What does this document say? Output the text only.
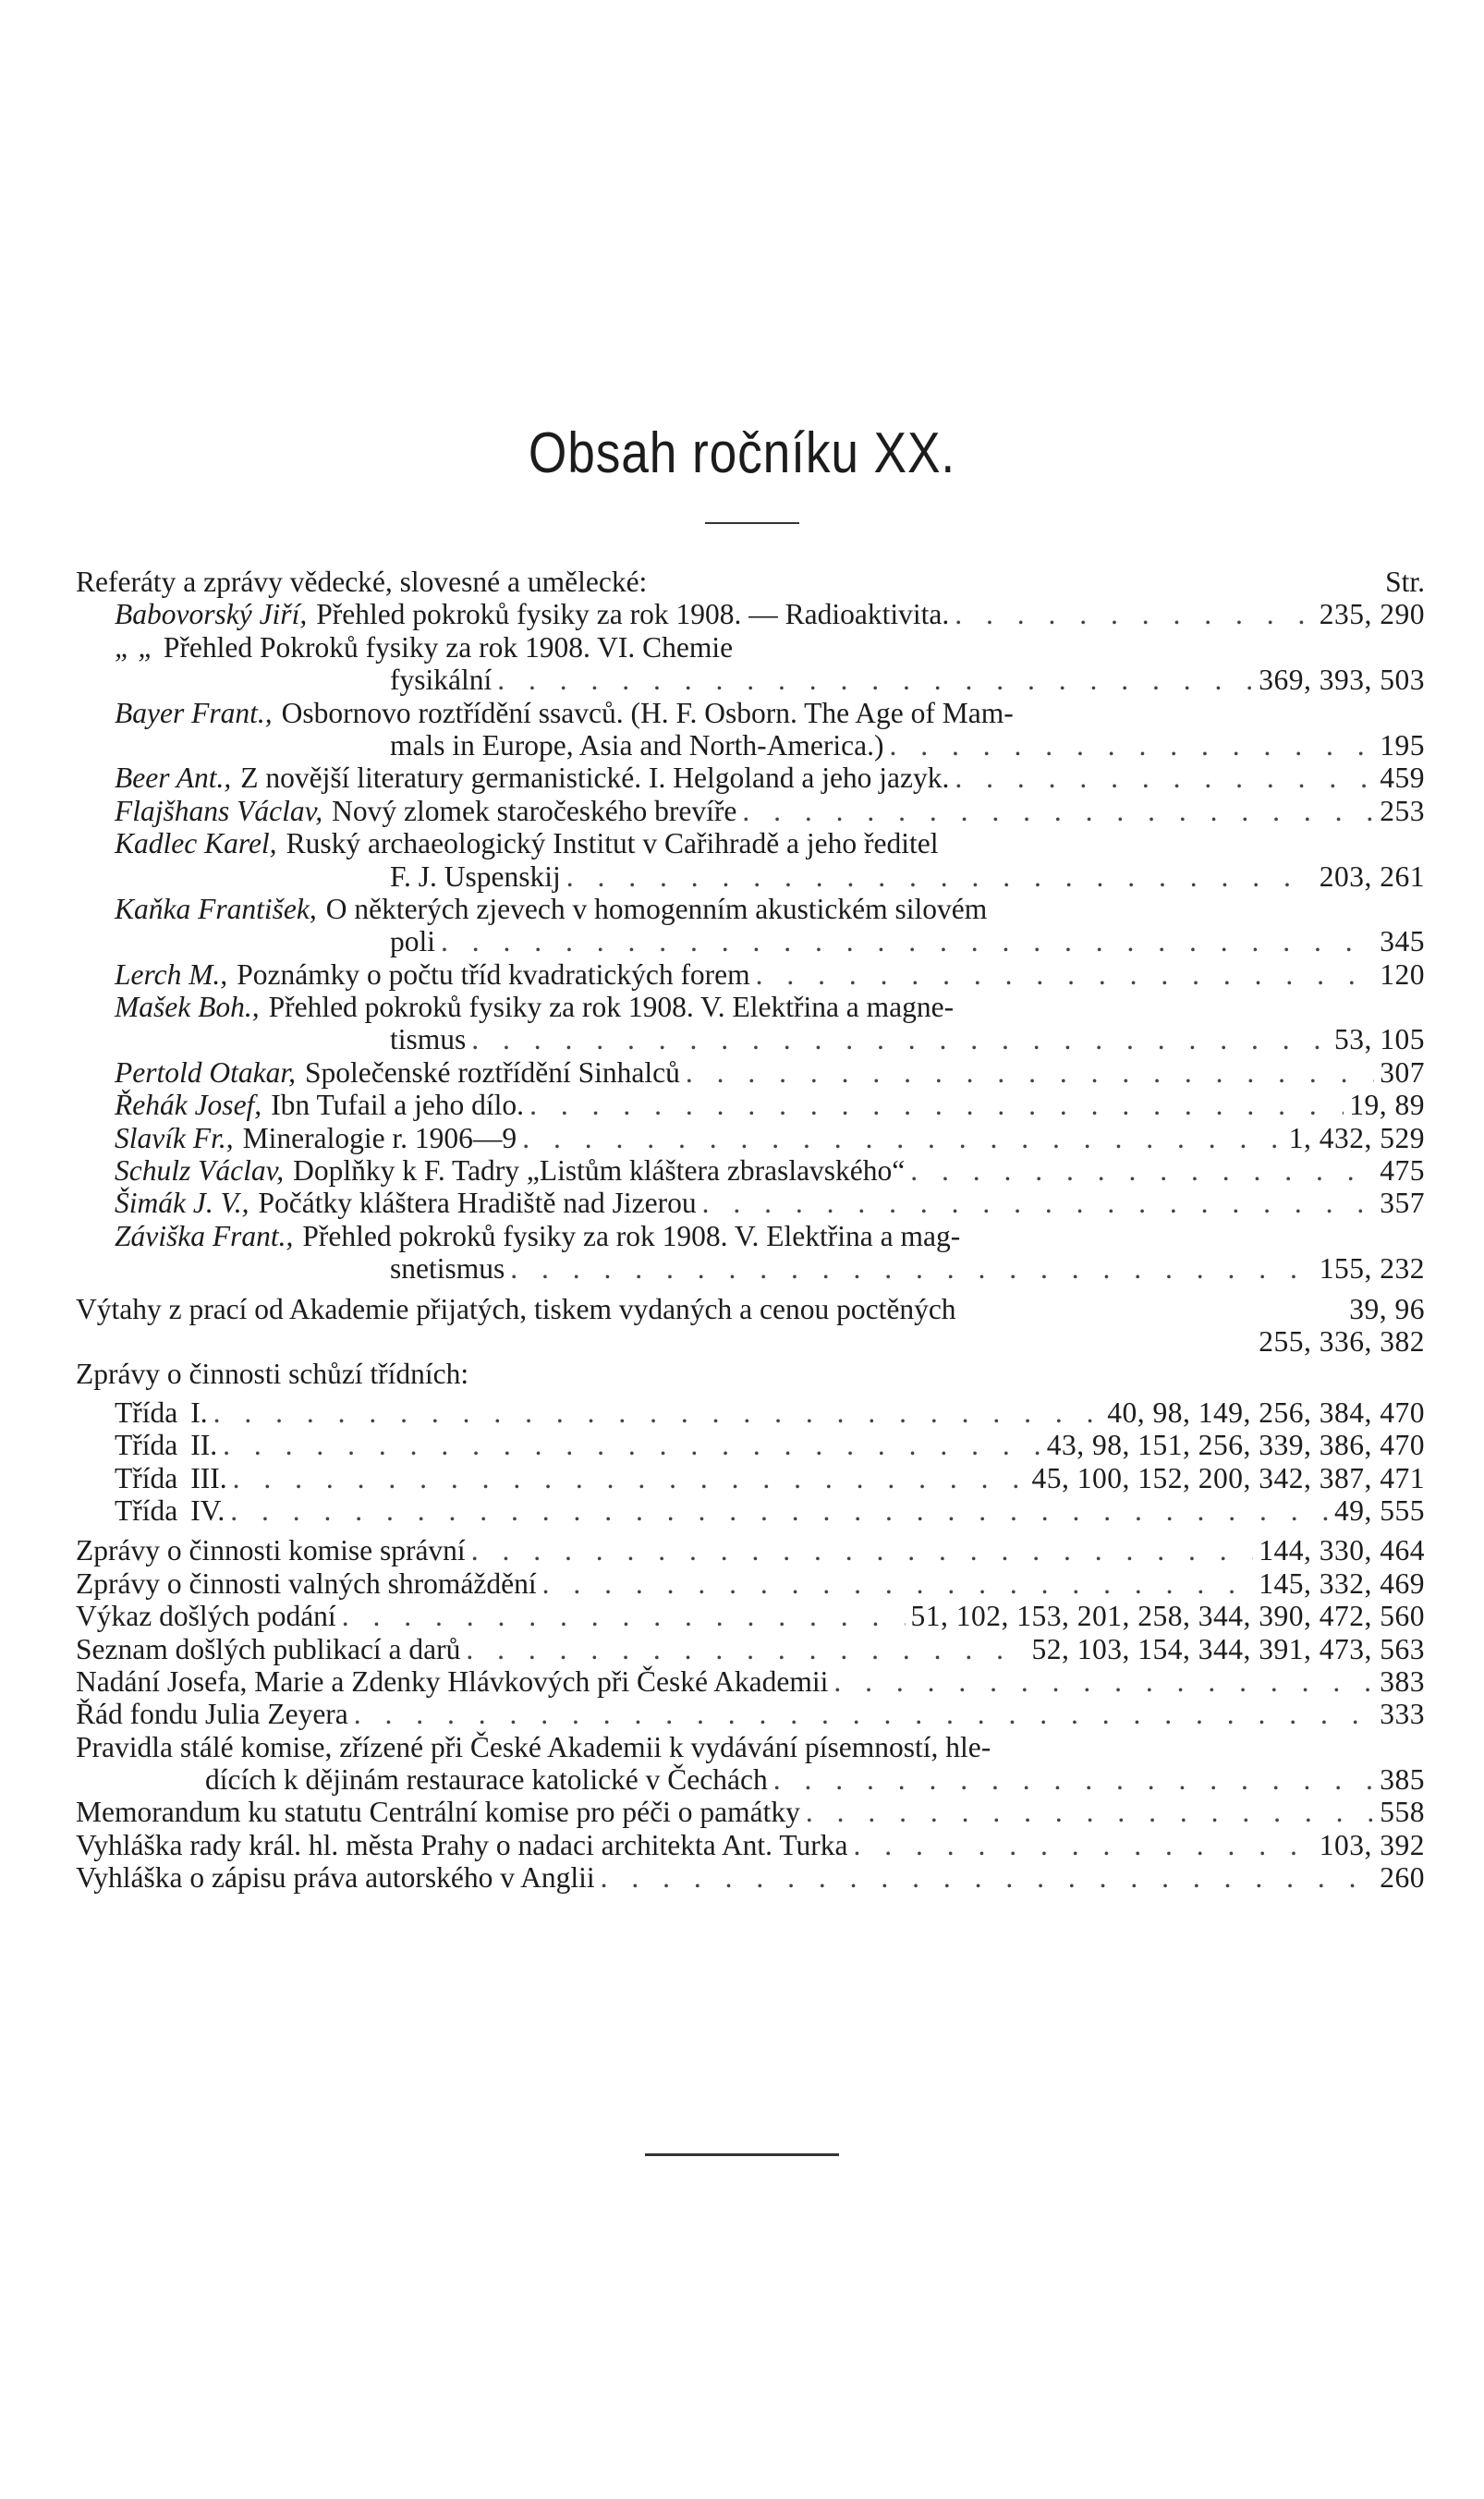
Obsah ročníku XX.
Referáty a zprávy vědecké, slovesné a umělecké:	Str.
Babovorský Jiří, Přehled pokroků fysiky za rok 1908. — Radioaktivita. . . .	235, 290
„ „ Přehled Pokroků fysiky za rok 1908. VI. Chemie
fysikální . . .	369, 393, 503
Bayer Frant., Osbornovo roztřídění ssavců. (H. F. Osborn. The Age of Mam-
mals in Europe, Asia and North-America.) . . .	195
Beer Ant., Z novější literatury germanistické. I. Helgoland a jeho jazyk. . . .	459
Flajšhans Václav, Nový zlomek staročeského brevíře . . .	253
Kadlec Karel, Ruský archaeologický Institut v Cařihradě a jeho ředitel
F. J. Uspenskij . . .	203, 261
Kaňka František, O některých zjevech v homogenním akustickém silovém
poli . . .	345
Lerch M., Poznámky o počtu tříd kvadratických forem . . .	120
Mašek Boh., Přehled pokroků fysiky za rok 1908. V. Elektřina a magne-
tismus . . .	53, 105
Pertold Otakar, Společenské roztřídění Sinhalců . . .	307
Řehák Josef, Ibn Tufail a jeho dílo. . . .	19, 89
Slavík Fr., Mineralogie r. 1906—9 . . .	1, 432, 529
Schulz Václav, Doplňky k F. Tadry „Listům kláštera zbraslavského“ . . .	475
Šimák J. V., Počátky kláštera Hradiště nad Jizerou . . .	357
Záviška Frant., Přehled pokroků fysiky za rok 1908. V. Elektřina a mag-
snetismus . . .	155, 232
Výtahy z prací od Akademie přijatých, tiskem vydaných a cenou poctěných	39, 96
255, 336, 382
Zprávy o činnosti schůzí třídních:
Třída I. . . .	40, 98, 149, 256, 384, 470
Třída II. . . .	43, 98, 151, 256, 339, 386, 470
Třída III. . . .	45, 100, 152, 200, 342, 387, 471
Třída IV. . . .	49, 555
Zprávy o činnosti komise správní . . .	144, 330, 464
Zprávy o činnosti valných shromáždění . . .	145, 332, 469
Výkaz došlých podání . . .	51, 102, 153, 201, 258, 344, 390, 472, 560
Seznam došlých publikací a darů . . .	52, 103, 154, 344, 391, 473, 563
Nadání Josefa, Marie a Zdenky Hlávkových při České Akademii . . .	383
Řád fondu Julia Zeyera . . .	333
Pravidla stálé komise, zřízené při České Akademii k vydávání písemností, hle-
dících k dějinám restaurace katolické v Čechách . . .	385
Memorandum ku statutu Centrální komise pro péči o památky . . .	558
Vyhláška rady král. hl. města Prahy o nadaci architekta Ant. Turka . . .	103, 392
Vyhláška o zápisu práva autorského v Anglii . . .	260
